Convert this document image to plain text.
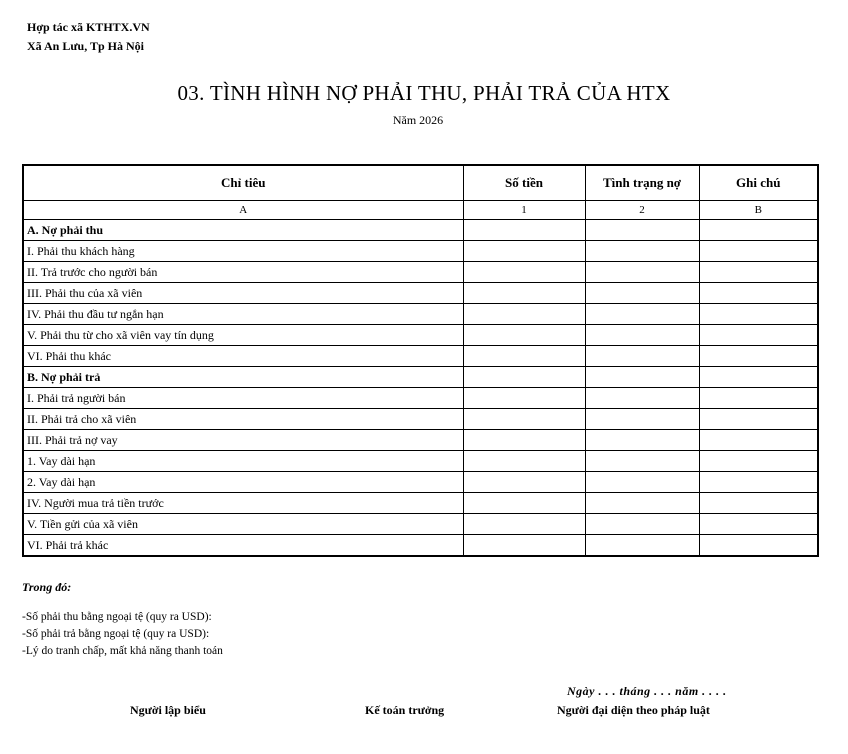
Hợp tác xã KTHTX.VN
Xã An Lưu, Tp Hà Nội
03. TÌNH HÌNH NỢ PHẢI THU, PHẢI TRẢ CỦA HTX
Năm 2026
Chỉ tiêu	Số tiền	Tình trạng nợ	Ghi chú
A	1	2	B
A. Nợ phải thu			
I. Phải thu khách hàng			
II. Trả trước cho người bán			
III. Phải thu của xã viên			
IV. Phải thu đầu tư ngắn hạn			
V. Phải thu từ cho xã viên vay tín dụng			
VI. Phải thu khác			
B. Nợ phải trả			
I. Phải trả người bán			
II. Phải trả cho xã viên			
III. Phải trả nợ vay			
1. Vay dài hạn			
2. Vay dài hạn			
IV. Người mua trả tiền trước			
V. Tiền gửi của xã viên			
VI. Phải trả khác			
Trong đó:
-Số phải thu bằng ngoại tệ (quy ra USD):
-Số phải trả bằng ngoại tệ (quy ra USD):
-Lý do tranh chấp, mất khả năng thanh toán
Ngày . . . tháng . . . năm . . . .
Người lập biểu	Kế toán trưởng	Người đại diện theo pháp luật
